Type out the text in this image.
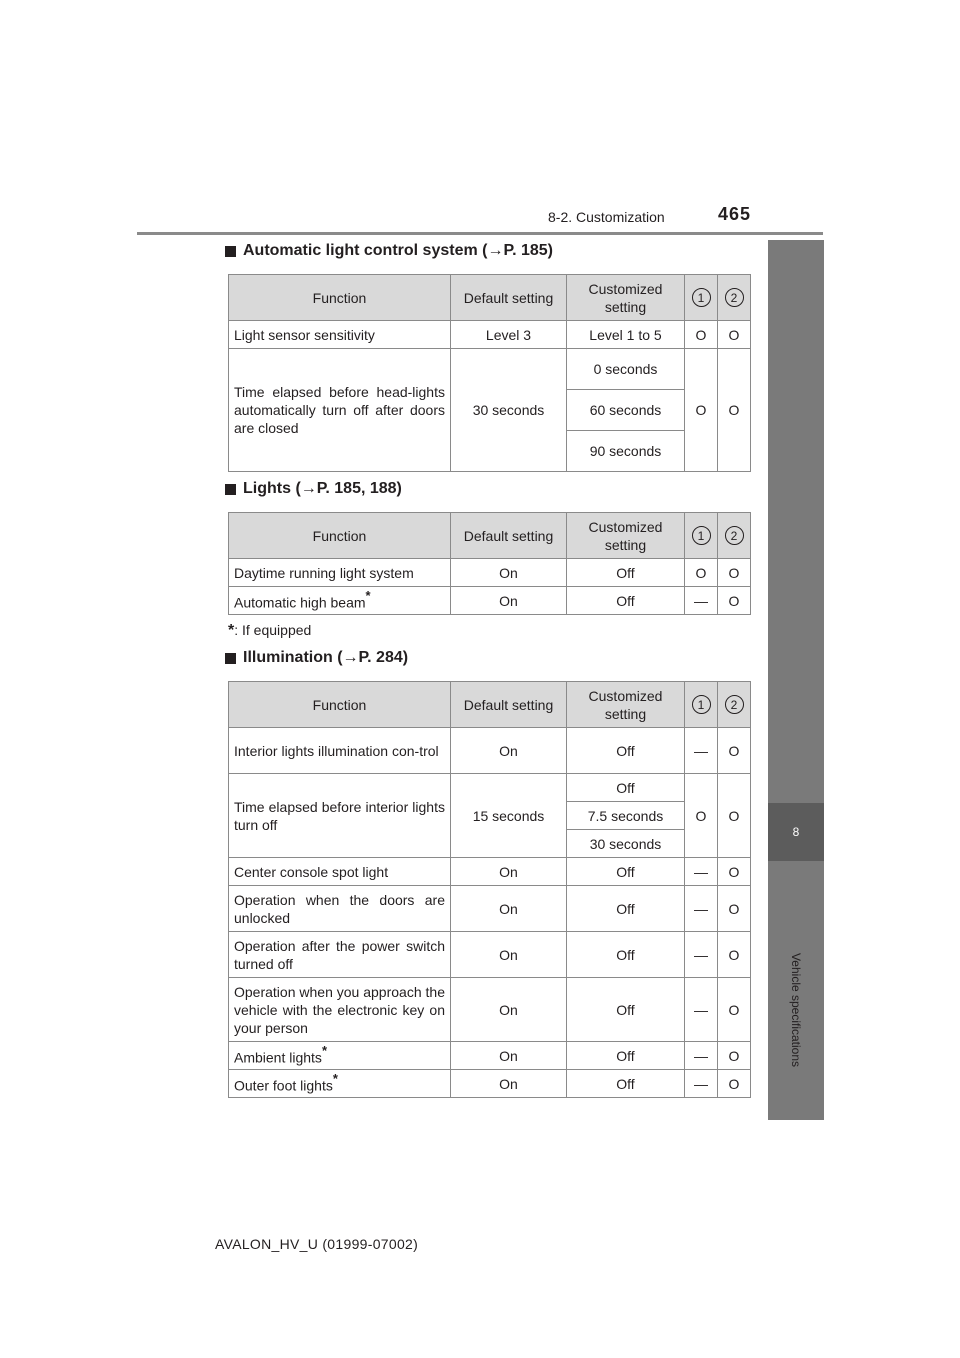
8-2. Customization	465
8
Vehicle specifications
Automatic light control system (→P. 185)
Function	Default setting	Customized setting	1	2
Light sensor sensitivity	Level 3	Level 1 to 5	O	O
Time elapsed before head-lights automatically turn off after doors are closed	30 seconds	0 seconds	O	O
		60 seconds		
		90 seconds		
Lights (→P. 185, 188)
Function	Default setting	Customized setting	1	2
Daytime running light system	On	Off	O	O
Automatic high beam*	On	Off	—	O
*: If equipped
Illumination (→P. 284)
Function	Default setting	Customized setting	1	2
Interior lights illumination con-trol	On	Off	—	O
Time elapsed before interior lights turn off	15 seconds	Off	O	O
		7.5 seconds		
		30 seconds		
Center console spot light	On	Off	—	O
Operation when the doors are unlocked	On	Off	—	O
Operation after the power switch turned off	On	Off	—	O
Operation when you approach the vehicle with the electronic key on your person	On	Off	—	O
Ambient lights*	On	Off	—	O
Outer foot lights*	On	Off	—	O
AVALON_HV_U (01999-07002)
